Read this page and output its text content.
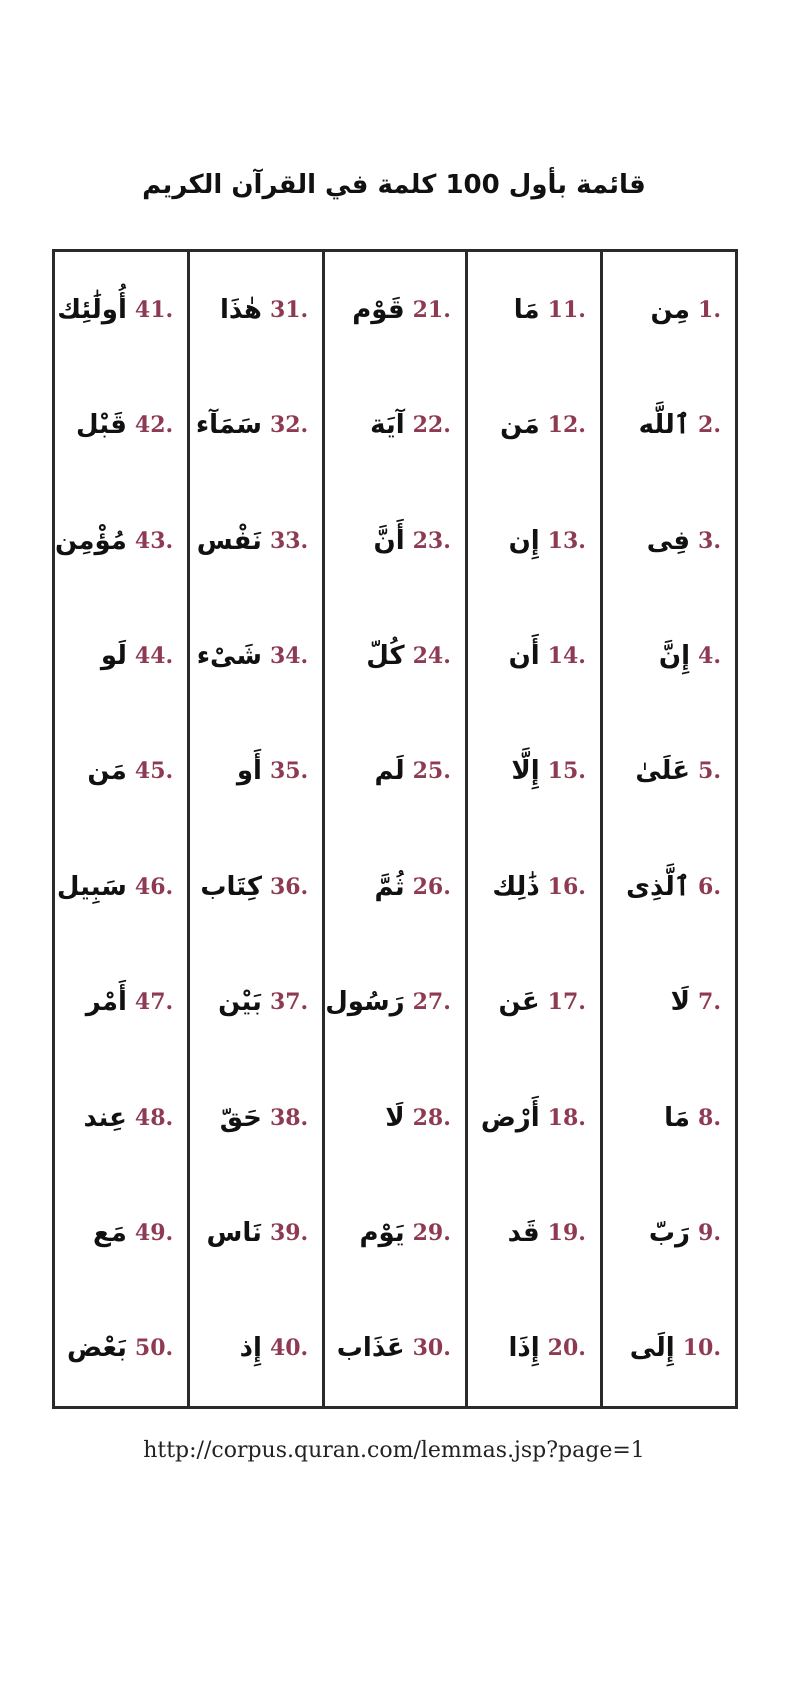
قائمة بأول 100 كلمة في القرآن الكريم
1.
مِن
2.
ٱللَّه
3.
فِى
4.
إِنَّ
5.
عَلَىٰ
6.
ٱلَّذِى
7.
لَا
8.
مَا
9.
رَبّ
10.
إِلَى
11.
مَا
12.
مَن
13.
إِن
14.
أَن
15.
إِلَّا
16.
ذَٰلِك
17.
عَن
18.
أَرْض
19.
قَد
20.
إِذَا
21.
قَوْم
22.
آيَة
23.
أَنَّ
24.
كُلّ
25.
لَم
26.
ثُمَّ
27.
رَسُول
28.
لَا
29.
يَوْم
30.
عَذَاب
31.
هٰذَا
32.
سَمَآء
33.
نَفْس
34.
شَىْء
35.
أَو
36.
كِتَاب
37.
بَيْن
38.
حَقّ
39.
نَاس
40.
إِذ
41.
أُولَٰئِك
42.
قَبْل
43.
مُؤْمِن
44.
لَو
45.
مَن
46.
سَبِيل
47.
أَمْر
48.
عِند
49.
مَع
50.
بَعْض
http://corpus.quran.com/lemmas.jsp?page=1
